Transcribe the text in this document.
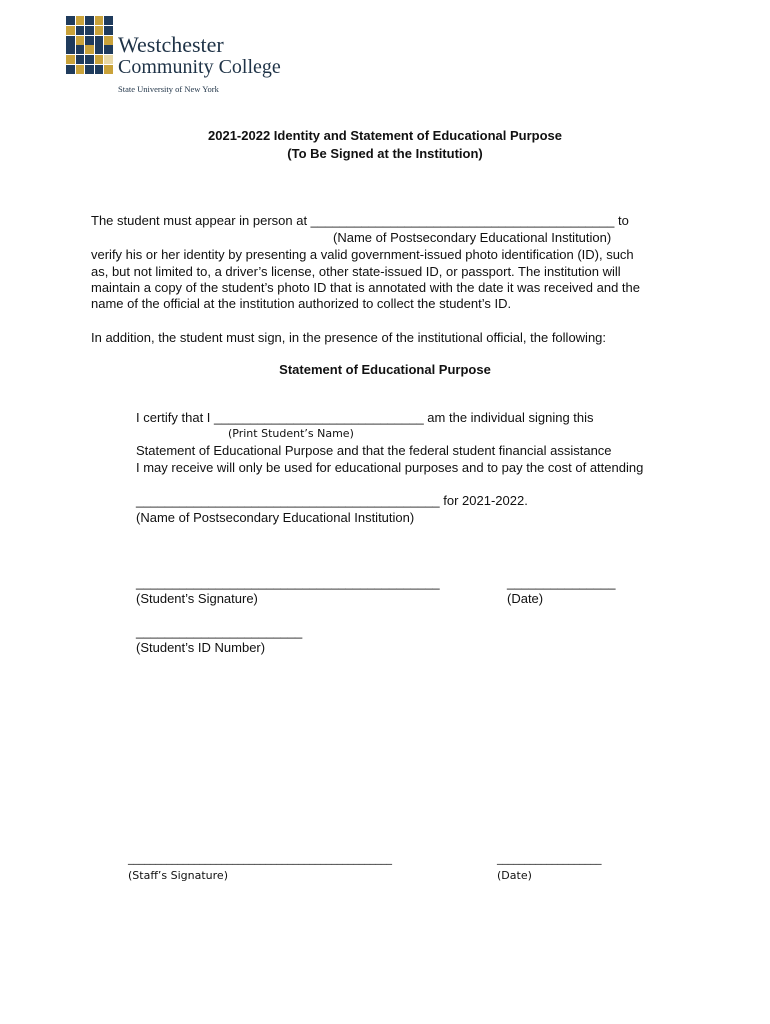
Westchester
Community College
State University of New York
2021-2022 Identity and Statement of Educational Purpose
(To Be Signed at the Institution)
The student must appear in person at __________________________________________ to
(Name of Postsecondary Educational Institution)
verify his or her identity by presenting a valid government-issued photo identification (ID), such
as, but not limited to, a driver’s license, other state-issued ID, or passport. The institution will
maintain a copy of the student’s photo ID that is annotated with the date it was received and the
name of the official at the institution authorized to collect the student’s ID.
In addition, the student must sign, in the presence of the institutional official, the following:
Statement of Educational Purpose
I certify that I _____________________________ am the individual signing this
(Print Student’s Name)
Statement of Educational Purpose and that the federal student financial assistance
I may receive will only be used for educational purposes and to pay the cost of attending
__________________________________________ for 2021-2022.
(Name of Postsecondary Educational Institution)
__________________________________________
(Student’s Signature)
_______________
(Date)
_______________________
(Student’s ID Number)
________________________________________________
(Staff’s Signature)
___________________
(Date)
